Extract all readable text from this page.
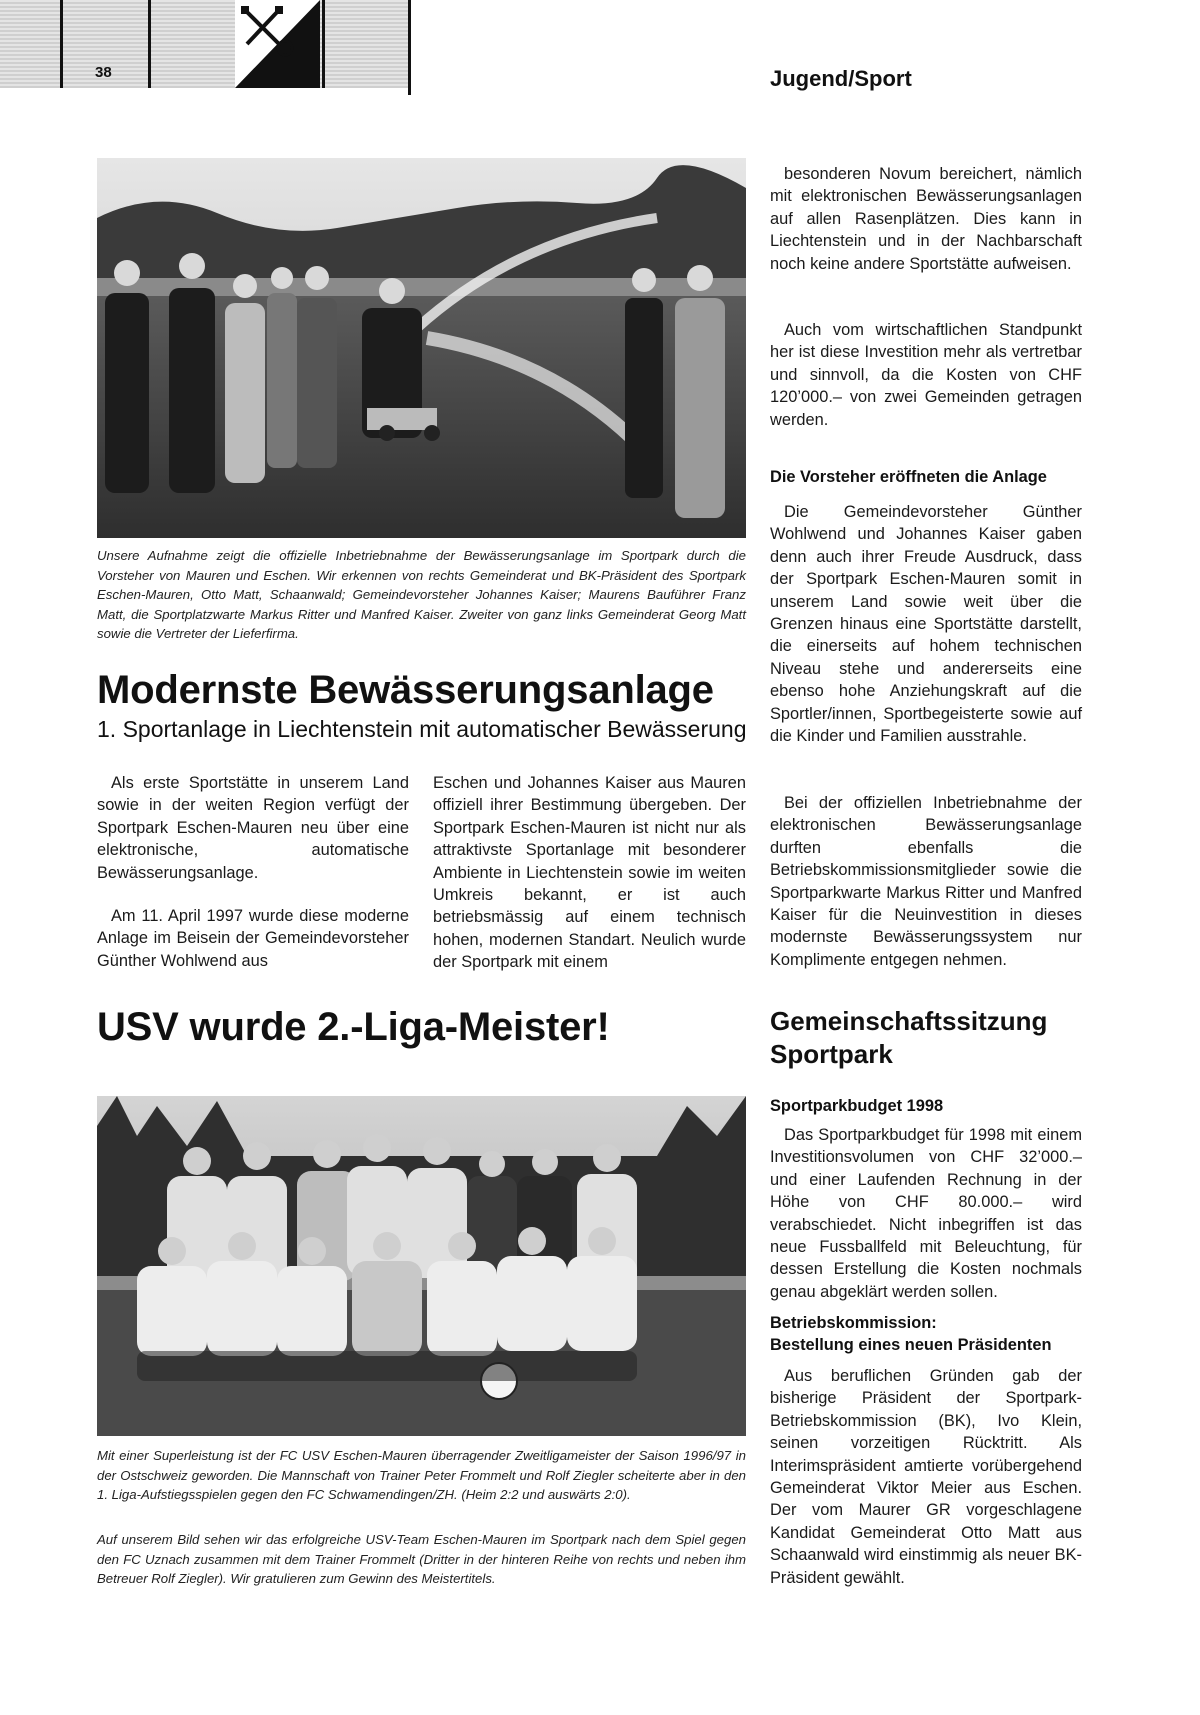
38	Jugend/Sport

Unsere Aufnahme zeigt die offizielle Inbetriebnahme der Bewässerungsanlage im Sportpark durch die Vorsteher von Mauren und Eschen. Wir erkennen von rechts Gemeinderat und BK-Präsident des Sportpark Eschen-Mauren, Otto Matt, Schaanwald; Gemeindevorsteher Johannes Kaiser; Maurens Bauführer Franz Matt, die Sportplatzwarte Markus Ritter und Manfred Kaiser. Zweiter von ganz links Gemeinderat Georg Matt sowie die Vertreter der Lieferfirma.

Modernste Bewässerungsanlage

1. Sportanlage in Liechtenstein mit automatischer Bewässerung

Als erste Sportstätte in unserem Land sowie in der weiten Region verfügt der Sportpark Eschen-Mauren neu über eine elektronische, automatische Bewässerungsanlage.

Am 11. April 1997 wurde diese moderne Anlage im Beisein der Gemeindevorsteher Günther Wohlwend aus

Eschen und Johannes Kaiser aus Mauren offiziell ihrer Bestimmung übergeben. Der Sportpark Eschen-Mauren ist nicht nur als attraktivste Sportanlage mit besonderer Ambiente in Liechtenstein sowie im weiten Umkreis bekannt, er ist auch betriebsmässig auf einem technisch hohen, modernen Standart. Neulich wurde der Sportpark mit einem

besonderen Novum bereichert, nämlich mit elektronischen Bewässerungsanlagen auf allen Rasenplätzen. Dies kann in Liechtenstein und in der Nachbarschaft noch keine andere Sportstätte aufweisen.

Auch vom wirtschaftlichen Standpunkt her ist diese Investition mehr als vertretbar und sinnvoll, da die Kosten von CHF 120’000.– von zwei Gemeinden getragen werden.

Die Vorsteher eröffneten die Anlage

Die Gemeindevorsteher Günther Wohlwend und Johannes Kaiser gaben denn auch ihrer Freude Ausdruck, dass der Sportpark Eschen-Mauren somit in unserem Land sowie weit über die Grenzen hinaus eine Sportstätte darstellt, die einerseits auf hohem technischen Niveau stehe und andererseits eine ebenso hohe Anziehungskraft auf die Sportler/innen, Sportbegeisterte sowie auf die Kinder und Familien ausstrahle.

Bei der offiziellen Inbetriebnahme der elektronischen Bewässerungsanlage durften ebenfalls die Betriebskommissionsmitglieder sowie die Sportparkwarte Markus Ritter und Manfred Kaiser für die Neuinvestition in dieses modernste Bewässerungssystem nur Komplimente entgegen nehmen.

USV wurde 2.-Liga-Meister!

Mit einer Superleistung ist der FC USV Eschen-Mauren überragender Zweitligameister der Saison 1996/97 in der Ostschweiz geworden. Die Mannschaft von Trainer Peter Frommelt und Rolf Ziegler scheiterte aber in den 1. Liga-Aufstiegsspielen gegen den FC Schwamendingen/ZH. (Heim 2:2 und auswärts 2:0).

Auf unserem Bild sehen wir das erfolgreiche USV-Team Eschen-Mauren im Sportpark nach dem Spiel gegen den FC Uznach zusammen mit dem Trainer Frommelt (Dritter in der hinteren Reihe von rechts und neben ihm Betreuer Rolf Ziegler). Wir gratulieren zum Gewinn des Meistertitels.

Gemeinschaftssitzung Sportpark
Sportparkbudget 1998

Das Sportparkbudget für 1998 mit einem Investitionsvolumen von CHF 32’000.– und einer Laufenden Rechnung in der Höhe von CHF 80.000.– wird verabschiedet. Nicht inbegriffen ist das neue Fussballfeld mit Beleuchtung, für dessen Erstellung die Kosten nochmals genau abgeklärt werden sollen.

Betriebskommission:
Bestellung eines neuen Präsidenten

Aus beruflichen Gründen gab der bisherige Präsident der Sportpark-Betriebskommission (BK), Ivo Klein, seinen vorzeitigen Rücktritt. Als Interimspräsident amtierte vorübergehend Gemeinderat Viktor Meier aus Eschen. Der vom Maurer GR vorgeschlagene Kandidat Gemeinderat Otto Matt aus Schaanwald wird einstimmig als neuer BK-Präsident gewählt.
